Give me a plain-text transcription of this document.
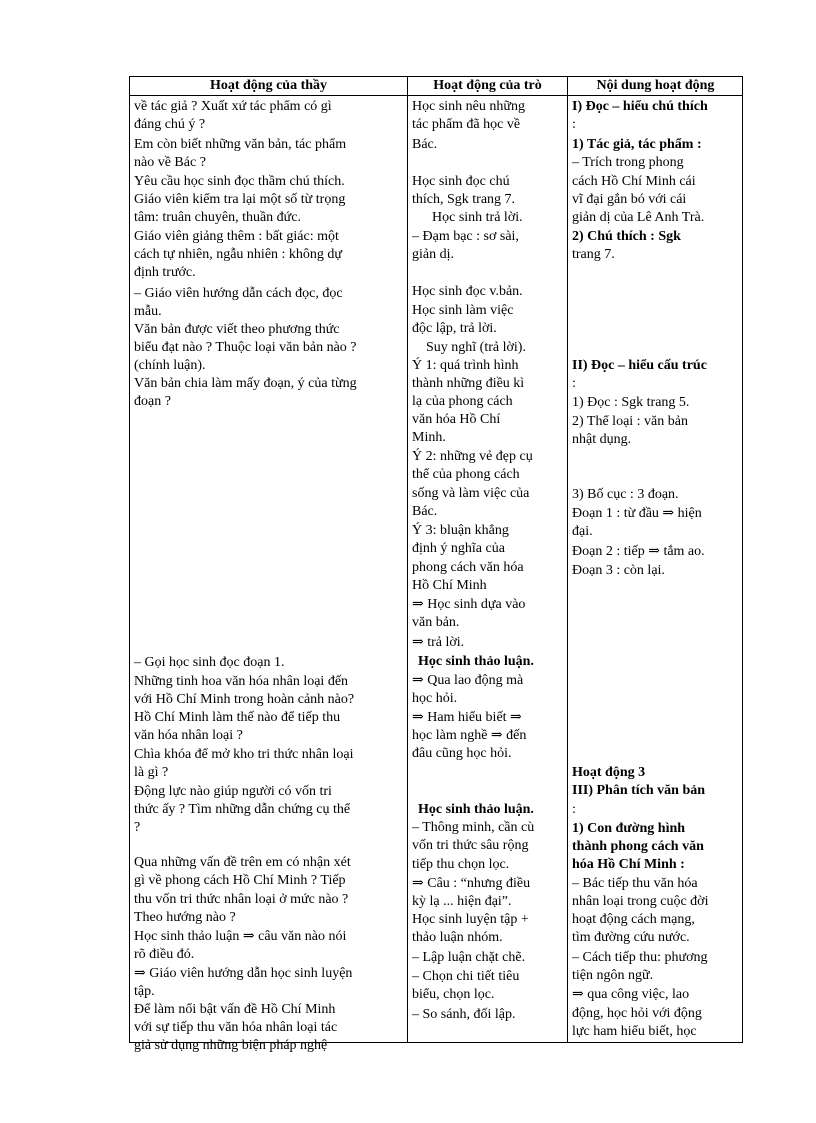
Hoạt động của thầy	Hoạt động của trò	Nội dung hoạt động
về tác giả ? Xuất xứ tác phẩm có gì
đáng chú ý ?
Em còn biết những văn bản, tác phẩm
nào về Bác ?
Yêu cầu học sinh đọc thầm chú thích.
Giáo viên kiểm tra lại một số từ trọng
tâm: truân chuyên, thuần đức.
Giáo viên giảng thêm : bất giác: một
cách tự nhiên, ngẫu nhiên : không dự
định trước.
– Giáo viên hướng dẫn cách đọc, đọc
mẫu.
Văn bản được viết theo phương thức
biểu đạt nào ? Thuộc loại văn bản nào ?
(chính luận).
Văn bản chia làm mấy đoạn, ý của từng
đoạn ?
– Gọi học sinh đọc đoạn 1.
Những tinh hoa văn hóa nhân loại đến
với Hồ Chí Minh trong hoàn cảnh nào?
Hồ Chí Minh làm thế nào để tiếp thu
văn hóa nhân loại ?
Chìa khóa để mở kho tri thức nhân loại
là gì ?
Động lực nào giúp người có vốn tri
thức ấy ? Tìm những dẫn chứng cụ thể
?
Qua những vấn đề trên em có nhận xét
gì về phong cách Hồ Chí Minh ? Tiếp
thu vốn tri thức nhân loại ở mức nào ?
Theo hướng nào ?
Học sinh thảo luận ⇒ câu văn nào nói
rõ điều đó.
⇒ Giáo viên hướng dẫn học sinh luyện
tập.
Để làm nổi bật vấn đề Hồ Chí Minh
với sự tiếp thu văn hóa nhân loại tác
giả sử dụng những biện pháp nghệ
Học sinh nêu những
tác phẩm đã học về
Bác.
Học sinh đọc chú
thích, Sgk trang 7.
Học sinh trả lời.
– Đạm bạc : sơ sài,
giản dị.
Học sinh đọc v.bản.
Học sinh làm việc
độc lập, trả lời.
Suy nghĩ (trả lời).
Ý 1: quá trình hình
thành những điều kì
lạ của phong cách
văn hóa Hồ Chí
Minh.
Ý 2: những vẻ đẹp cụ
thể của phong cách
sống và làm việc của
Bác.
Ý 3: bluận khẳng
định ý nghĩa của
phong cách văn hóa
Hồ Chí Minh
⇒ Học sinh dựa vào
văn bản.
⇒ trả lời.
Học sinh thảo luận.
⇒ Qua lao động mà
học hỏi.
⇒ Ham hiểu biết ⇒
học làm nghề ⇒ đến
đâu cũng học hỏi.
Học sinh thảo luận.
– Thông minh, cần cù
vốn tri thức sâu rộng
tiếp thu chọn lọc.
⇒ Câu : “nhưng điều
kỳ lạ ... hiện đại”.
Học sinh luyện tập +
thảo luận nhóm.
– Lập luận chặt chẽ.
– Chọn chi tiết tiêu
biểu, chọn lọc.
– So sánh, đối lập.
I) Đọc – hiểu chú thích
:
1) Tác giả, tác phẩm :
– Trích trong phong
cách Hồ Chí Minh cái
vĩ đại gắn bó với cái
giản dị của Lê Anh Trà.
2) Chú thích : Sgk
trang 7.
II) Đọc – hiểu cấu trúc
:
1) Đọc : Sgk trang 5.
2) Thể loại : văn bản
nhật dụng.
3) Bố cục : 3 đoạn.
Đoạn 1 : từ đầu ⇒ hiện
đại.
Đoạn 2 : tiếp ⇒ tắm ao.
Đoạn 3 : còn lại.
Hoạt động 3
III) Phân tích văn bản
:
1) Con đường hình
thành phong cách văn
hóa Hồ Chí Minh :
– Bác tiếp thu văn hóa
nhân loại trong cuộc đời
hoạt động cách mạng,
tìm đường cứu nước.
– Cách tiếp thu: phương
tiện ngôn ngữ.
⇒ qua công việc, lao
động, học hỏi với động
lực ham hiểu biết, học
